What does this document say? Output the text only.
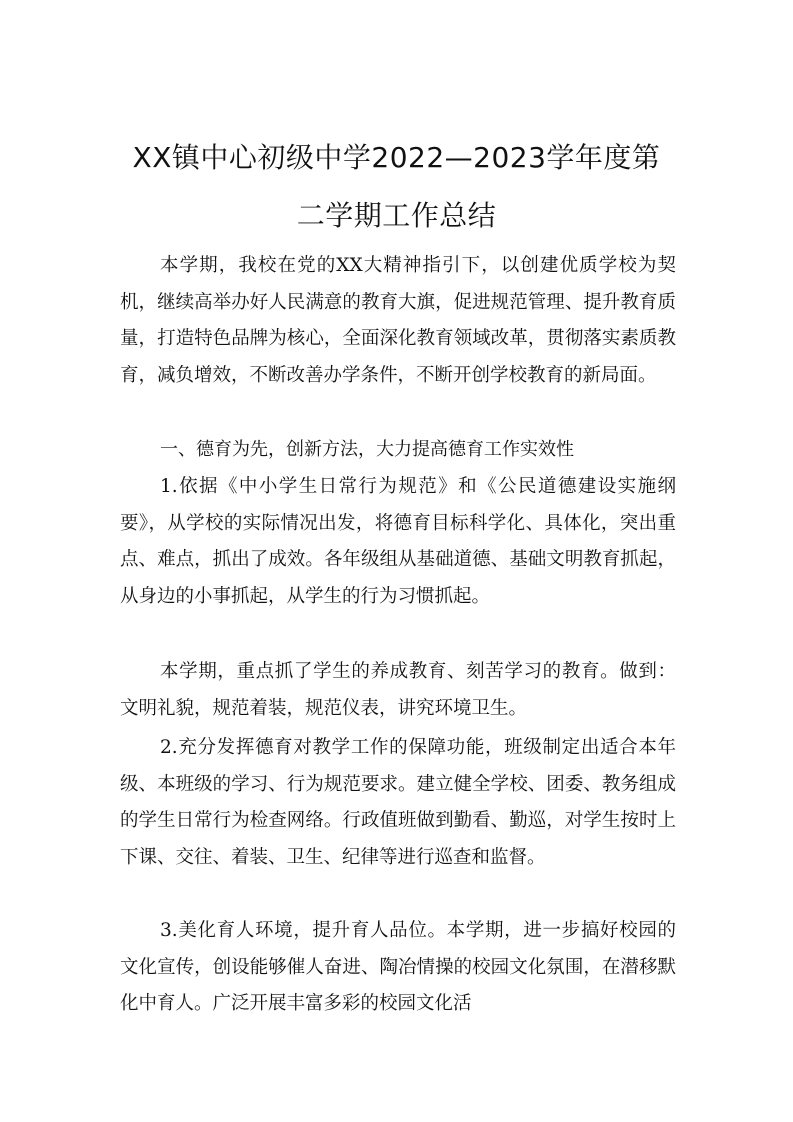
XX镇中心初级中学2022—2023学年度第
二学期工作总结

本学期，我校在党的XX大精神指引下，以创建优质学校为契机，继续高举办好人民满意的教育大旗，促进规范管理、提升教育质量，打造特色品牌为核心，全面深化教育领域改革，贯彻落实素质教育，减负增效，不断改善办学条件，不断开创学校教育的新局面。

一、德育为先，创新方法，大力提高德育工作实效性

1.依据《中小学生日常行为规范》和《公民道德建设实施纲要》，从学校的实际情况出发，将德育目标科学化、具体化，突出重点、难点，抓出了成效。各年级组从基础道德、基础文明教育抓起，从身边的小事抓起，从学生的行为习惯抓起。

本学期，重点抓了学生的养成教育、刻苦学习的教育。做到：文明礼貌，规范着装，规范仪表，讲究环境卫生。

2.充分发挥德育对教学工作的保障功能，班级制定出适合本年级、本班级的学习、行为规范要求。建立健全学校、团委、教务组成的学生日常行为检查网络。行政值班做到勤看、勤巡，对学生按时上下课、交往、着装、卫生、纪律等进行巡查和监督。

3.美化育人环境，提升育人品位。本学期，进一步搞好校园的文化宣传，创设能够催人奋进、陶冶情操的校园文化氛围，在潜移默化中育人。广泛开展丰富多彩的校园文化活
